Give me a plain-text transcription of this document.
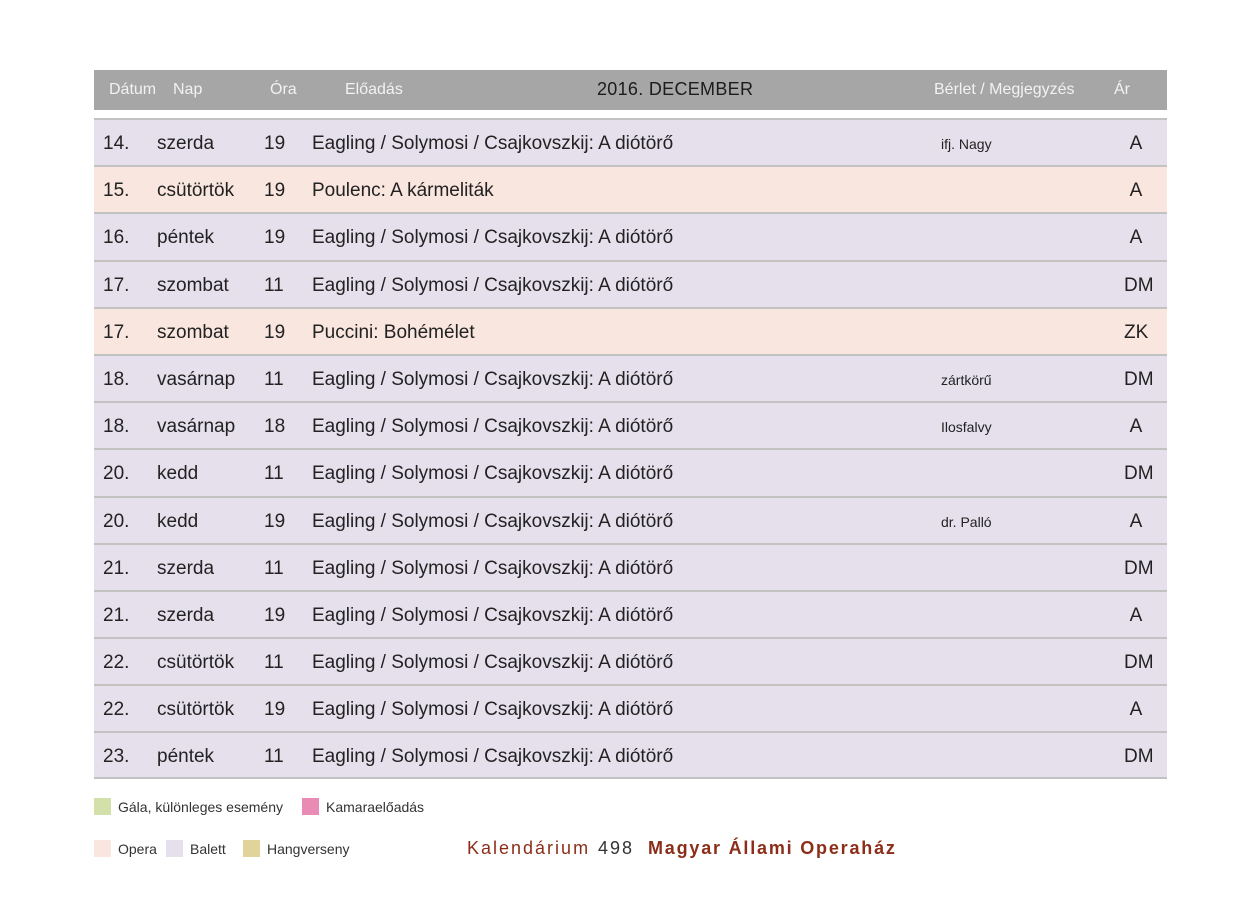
Dátum Nap	Óra	Előadás	2016. DECEMBER	Bérlet / Megjegyzés Ár
14. szerda	19 Eagling / Solymosi / Csajkovszkij: A diótörő	ifj. Nagy	A
15. csütörtök 19 Poulenc: A kármeliták	A
16. péntek	19 Eagling / Solymosi / Csajkovszkij: A diótörő	A
17. szombat 11 Eagling / Solymosi / Csajkovszkij: A diótörő	DM
17. szombat 19 Puccini: Bohémélet	ZK
18. vasárnap 11 Eagling / Solymosi / Csajkovszkij: A diótörő	zártkörű	DM
18. vasárnap 18 Eagling / Solymosi / Csajkovszkij: A diótörő	Ilosfalvy	A
20. kedd	11 Eagling / Solymosi / Csajkovszkij: A diótörő	DM
20. kedd	19 Eagling / Solymosi / Csajkovszkij: A diótörő	dr. Palló	A
21. szerda	11 Eagling / Solymosi / Csajkovszkij: A diótörő	DM
21. szerda	19 Eagling / Solymosi / Csajkovszkij: A diótörő	A
22. csütörtök 11 Eagling / Solymosi / Csajkovszkij: A diótörő	DM
22. csütörtök 19 Eagling / Solymosi / Csajkovszkij: A diótörő	A
23. péntek	11 Eagling / Solymosi / Csajkovszkij: A diótörő	DM
Gála, különleges esemény	Kamaraelőadás
Opera	Balett	Hangverseny	Kalendárium 498 Magyar Állami Operaház
